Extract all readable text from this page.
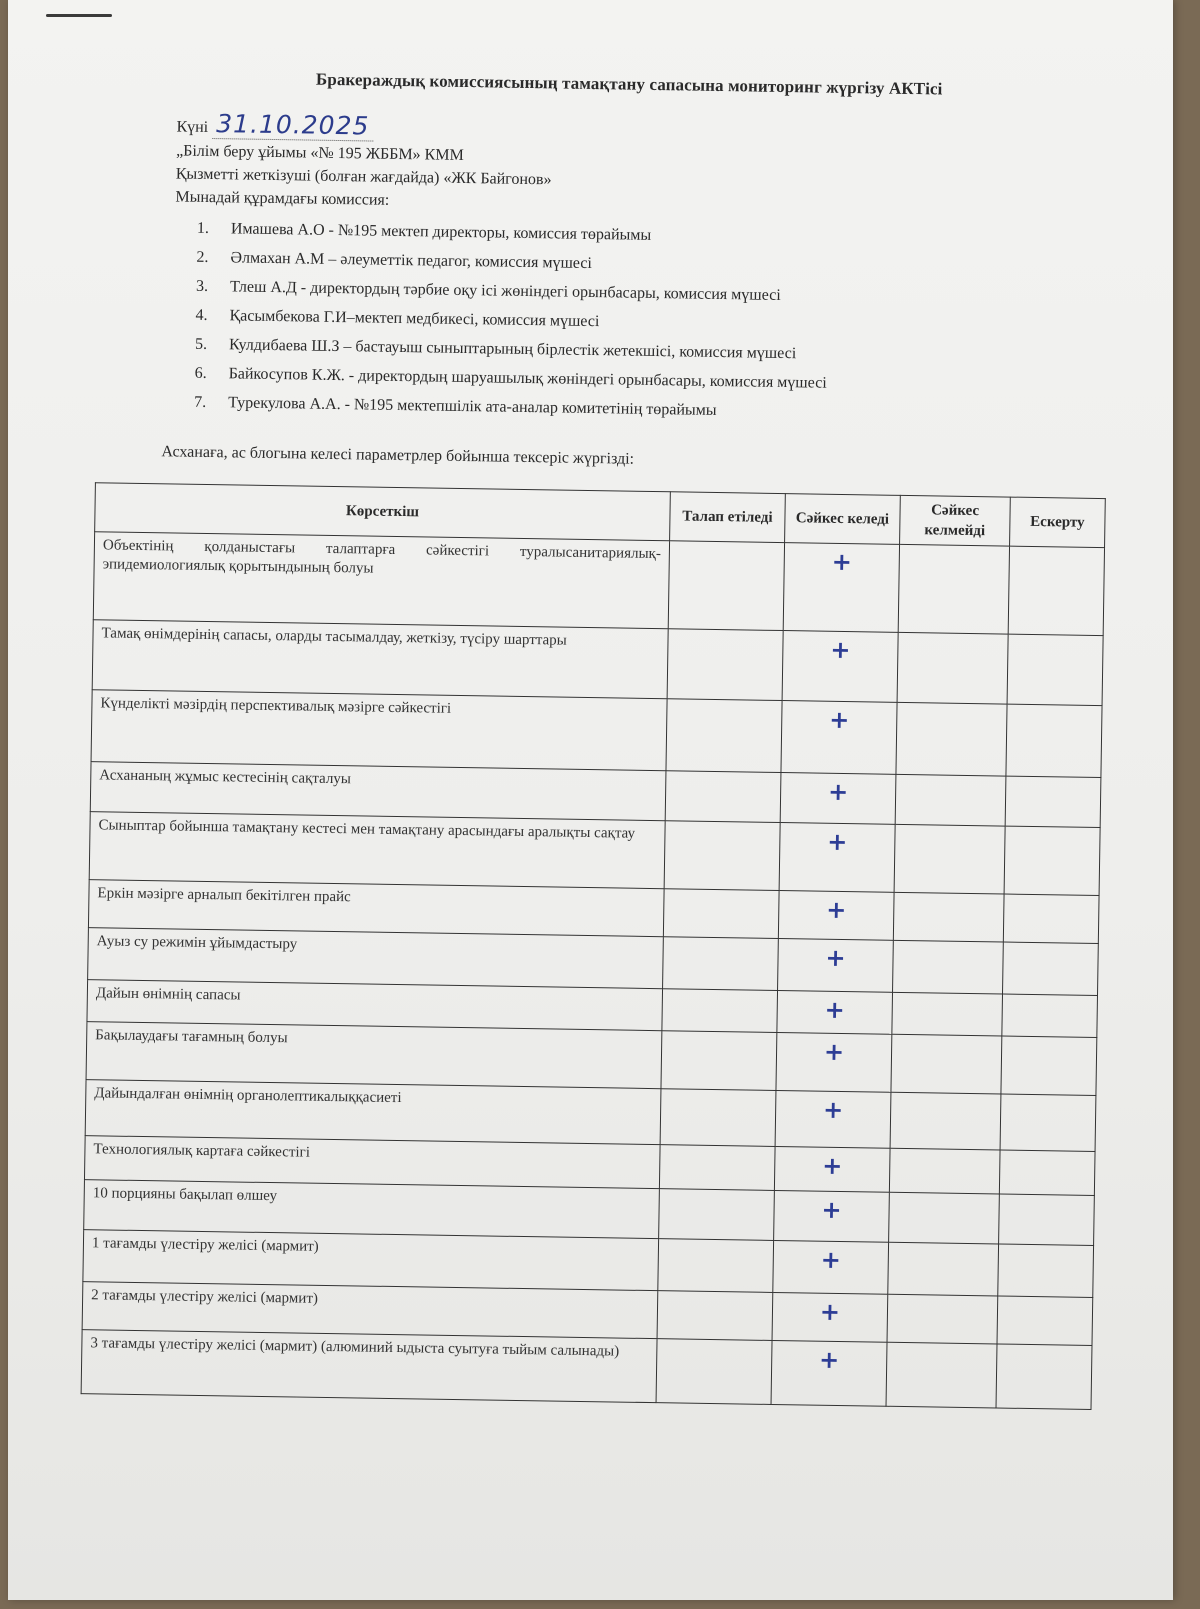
Бракераждық комиссиясының тамақтану сапасына мониторинг жүргізу АКТісі
Күні 31.10.2025
„Білім беру ұйымы «№ 195 ЖББМ» КММ
Қызметті жеткізуші (болған жағдайда) «ЖК Байгонов»
Мынадай құрамдағы комиссия:
1. Имашева А.О - №195 мектеп директоры, комиссия төрайымы
2. Әлмахан А.М – әлеуметтік педагог, комиссия мүшесі
3. Тлеш А.Д - директордың тәрбие оқу ісі жөніндегі орынбасары, комиссия мүшесі
4. Қасымбекова Г.И–мектеп медбикесі, комиссия мүшесі
5. Кулдибаева Ш.З – бастауыш сыныптарының бірлестік жетекшісі, комиссия мүшесі
6. Байкосупов К.Ж. - директордың шаруашылық жөніндегі орынбасары, комиссия мүшесі
7. Турекулова А.А. - №195 мектепшілік ата-аналар комитетінің төрайымы
Асханаға, ас блогына келесі параметрлер бойынша тексеріс жүргізді:
Көрсеткіш	Талап етіледі	Сәйкес келеді	Сәйкес келмейді	Ескерту
Объектінің қолданыстағы талаптарға сәйкестігі туралысанитариялық-эпидемиологиялық қорытындының болуы		+		
Тамақ өнімдерінің сапасы, оларды тасымалдау, жеткізу, түсіру шарттары		+		
Күнделікті мәзірдің перспективалық мәзірге сәйкестігі		+		
Асхананың жұмыс кестесінің сақталуы		+		
Сыныптар бойынша тамақтану кестесі мен тамақтану арасындағы аралықты сақтау		+		
Еркін мәзірге арналып бекітілген прайс		+		
Ауыз су режимін ұйымдастыру		+		
Дайын өнімнің сапасы		+		
Бақылаудағы тағамның болуы		+		
Дайындалған өнімнің органолептикалыққасиеті		+		
Технологиялық картаға сәйкестігі		+		
10 порцияны бақылап өлшеу		+		
1 тағамды үлестіру желісі (мармит)		+		
2 тағамды үлестіру желісі (мармит)		+		
3 тағамды үлестіру желісі (мармит) (алюминий ыдыста суытуға тыйым салынады)		+		
